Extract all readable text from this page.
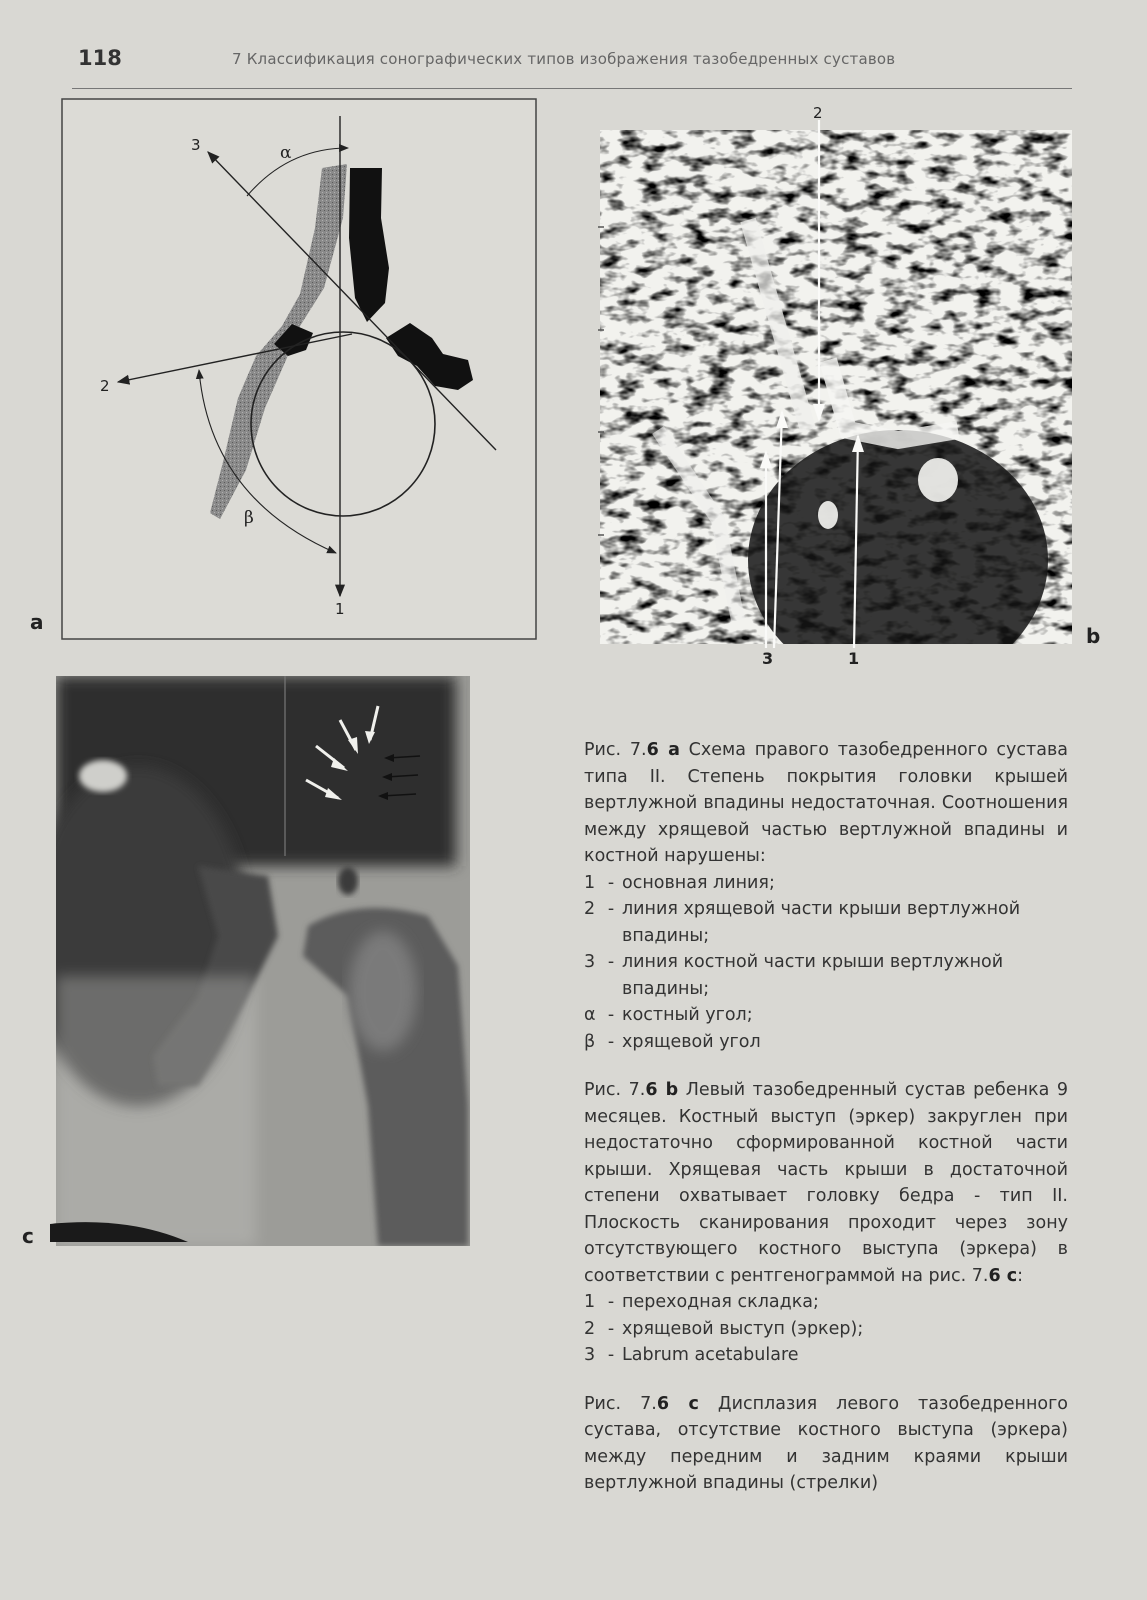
118	7 Классификация сонографических типов изображения тазобедренных суставов
α
β
3
2
1
a
2
3	1
b
c
Рис. 7.6 a Схема правого тазобедренного сустава типа II. Степень покрытия головки крышей вертлужной впадины недостаточная. Соотношения между хрящевой частью вертлужной впадины и костной нарушены:
1 - основная линия;
2 - линия хрящевой части крыши вертлужной впадины;
3 - линия костной части крыши вертлужной впадины;
α - костный угол;
β - хрящевой угол
Рис. 7.6 b Левый тазобедренный сустав ребенка 9 месяцев. Костный выступ (эркер) закруглен при недостаточно сформированной костной части крыши. Хрящевая часть крыши в достаточной степени охватывает головку бедра - тип II. Плоскость сканирования проходит через зону отсутствующего костного выступа (эркера) в соответствии с рентгенограммой на рис. 7.6 c:
1 - переходная складка;
2 - хрящевой выступ (эркер);
3 - Labrum acetabulare
Рис. 7.6 c Дисплазия левого тазобедренного сустава, отсутствие костного выступа (эркера) между передним и задним краями крыши вертлужной впадины (стрелки)
